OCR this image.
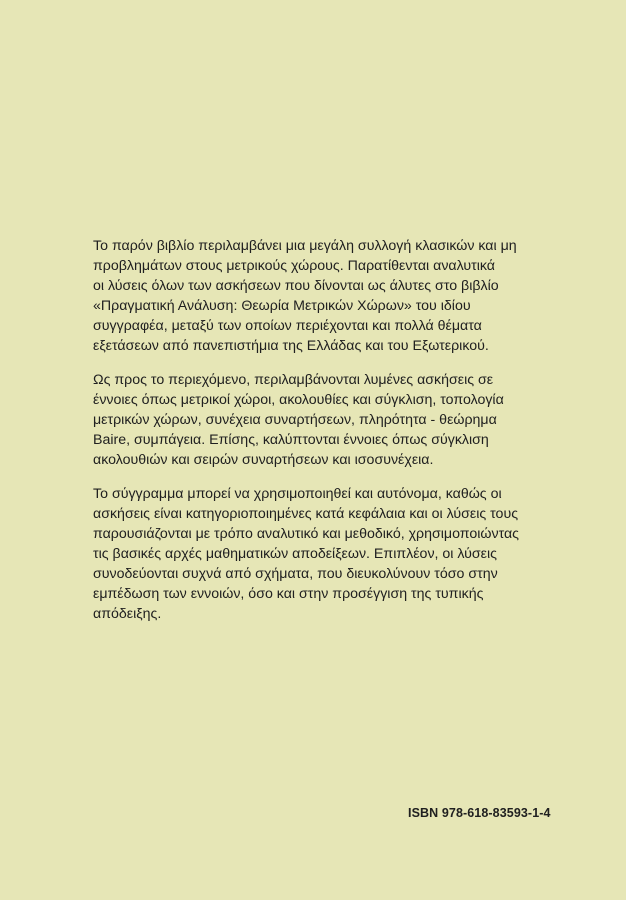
Το παρόν βιβλίο περιλαμβάνει μια μεγάλη συλλογή κλασικών και μη
προβλημάτων στους μετρικούς χώρους. Παρατίθενται αναλυτικά
οι λύσεις όλων των ασκήσεων που δίνονται ως άλυτες στο βιβλίο
«Πραγματική Ανάλυση: Θεωρία Μετρικών Χώρων» του ιδίου
συγγραφέα, μεταξύ των οποίων περιέχονται και πολλά θέματα
εξετάσεων από πανεπιστήμια της Ελλάδας και του Εξωτερικού.

Ως προς το περιεχόμενο, περιλαμβάνονται λυμένες ασκήσεις σε
έννοιες όπως μετρικοί χώροι, ακολουθίες και σύγκλιση, τοπολογία
μετρικών χώρων, συνέχεια συναρτήσεων, πληρότητα - θεώρημα
Baire, συμπάγεια. Επίσης, καλύπτονται έννοιες όπως σύγκλιση
ακολουθιών και σειρών συναρτήσεων και ισοσυνέχεια.

Το σύγγραμμα μπορεί να χρησιμοποιηθεί και αυτόνομα, καθώς οι
ασκήσεις είναι κατηγοριοποιημένες κατά κεφάλαια και οι λύσεις τους
παρουσιάζονται με τρόπο αναλυτικό και μεθοδικό, χρησιμοποιώντας
τις βασικές αρχές μαθηματικών αποδείξεων. Επιπλέον, οι λύσεις
συνοδεύονται συχνά από σχήματα, που διευκολύνουν τόσο στην
εμπέδωση των εννοιών, όσο και στην προσέγγιση της τυπικής
απόδειξης.

ISBN 978-618-83593-1-4
